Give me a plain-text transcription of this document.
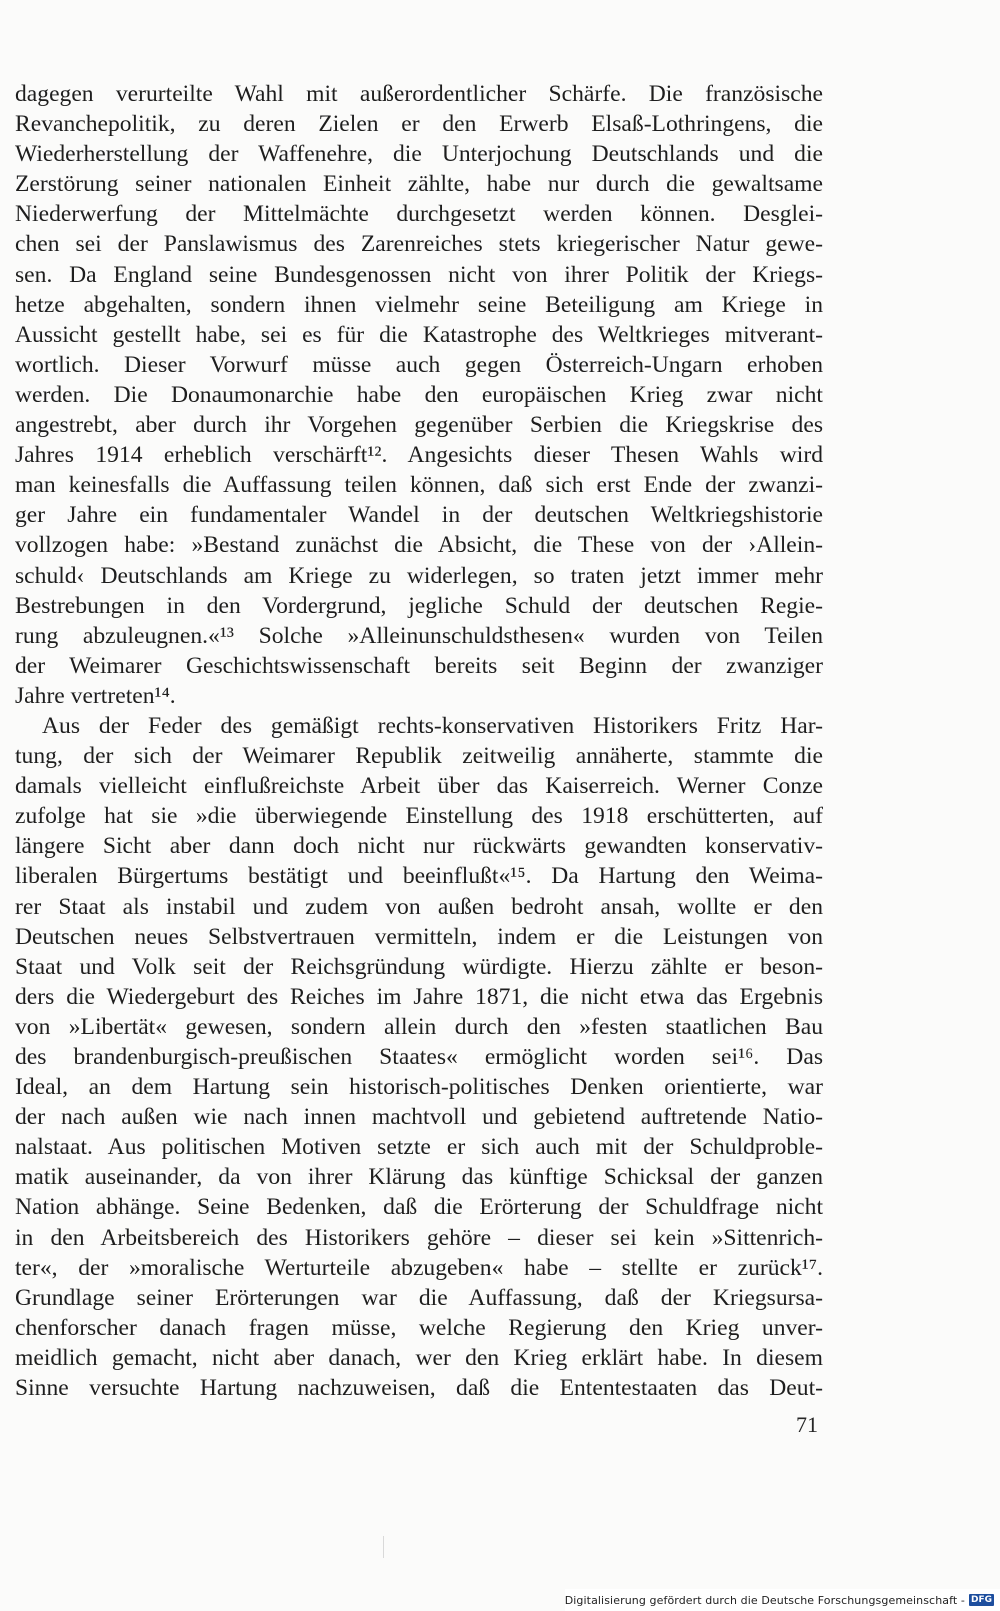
dagegen verurteilte Wahl mit außerordentlicher Schärfe. Die französische
Revanchepolitik, zu deren Zielen er den Erwerb Elsaß-Lothringens, die
Wiederherstellung der Waffenehre, die Unterjochung Deutschlands und die
Zerstörung seiner nationalen Einheit zählte, habe nur durch die gewaltsame
Niederwerfung der Mittelmächte durchgesetzt werden können. Desglei-
chen sei der Panslawismus des Zarenreiches stets kriegerischer Natur gewe-
sen. Da England seine Bundesgenossen nicht von ihrer Politik der Kriegs-
hetze abgehalten, sondern ihnen vielmehr seine Beteiligung am Kriege in
Aussicht gestellt habe, sei es für die Katastrophe des Weltkrieges mitverant-
wortlich. Dieser Vorwurf müsse auch gegen Österreich-Ungarn erhoben
werden. Die Donaumonarchie habe den europäischen Krieg zwar nicht
angestrebt, aber durch ihr Vorgehen gegenüber Serbien die Kriegskrise des
Jahres 1914 erheblich verschärft¹². Angesichts dieser Thesen Wahls wird
man keinesfalls die Auffassung teilen können, daß sich erst Ende der zwanzi-
ger Jahre ein fundamentaler Wandel in der deutschen Weltkriegshistorie
vollzogen habe: »Bestand zunächst die Absicht, die These von der ›Allein-
schuld‹ Deutschlands am Kriege zu widerlegen, so traten jetzt immer mehr
Bestrebungen in den Vordergrund, jegliche Schuld der deutschen Regie-
rung abzuleugnen.«¹³ Solche »Alleinunschuldsthesen« wurden von Teilen
der Weimarer Geschichtswissenschaft bereits seit Beginn der zwanziger
Jahre vertreten¹⁴.
Aus der Feder des gemäßigt rechts-konservativen Historikers Fritz Har-
tung, der sich der Weimarer Republik zeitweilig annäherte, stammte die
damals vielleicht einflußreichste Arbeit über das Kaiserreich. Werner Conze
zufolge hat sie »die überwiegende Einstellung des 1918 erschütterten, auf
längere Sicht aber dann doch nicht nur rückwärts gewandten konservativ-
liberalen Bürgertums bestätigt und beeinflußt«¹⁵. Da Hartung den Weima-
rer Staat als instabil und zudem von außen bedroht ansah, wollte er den
Deutschen neues Selbstvertrauen vermitteln, indem er die Leistungen von
Staat und Volk seit der Reichsgründung würdigte. Hierzu zählte er beson-
ders die Wiedergeburt des Reiches im Jahre 1871, die nicht etwa das Ergebnis
von »Libertät« gewesen, sondern allein durch den »festen staatlichen Bau
des brandenburgisch-preußischen Staates« ermöglicht worden sei¹⁶. Das
Ideal, an dem Hartung sein historisch-politisches Denken orientierte, war
der nach außen wie nach innen machtvoll und gebietend auftretende Natio-
nalstaat. Aus politischen Motiven setzte er sich auch mit der Schuldproble-
matik auseinander, da von ihrer Klärung das künftige Schicksal der ganzen
Nation abhänge. Seine Bedenken, daß die Erörterung der Schuldfrage nicht
in den Arbeitsbereich des Historikers gehöre – dieser sei kein »Sittenrich-
ter«, der »moralische Werturteile abzugeben« habe – stellte er zurück¹⁷.
Grundlage seiner Erörterungen war die Auffassung, daß der Kriegsursa-
chenforscher danach fragen müsse, welche Regierung den Krieg unver-
meidlich gemacht, nicht aber danach, wer den Krieg erklärt habe. In diesem
Sinne versuchte Hartung nachzuweisen, daß die Ententestaaten das Deut-
71
Digitalisierung gefördert durch die Deutsche Forschungsgemeinschaft - DFG
